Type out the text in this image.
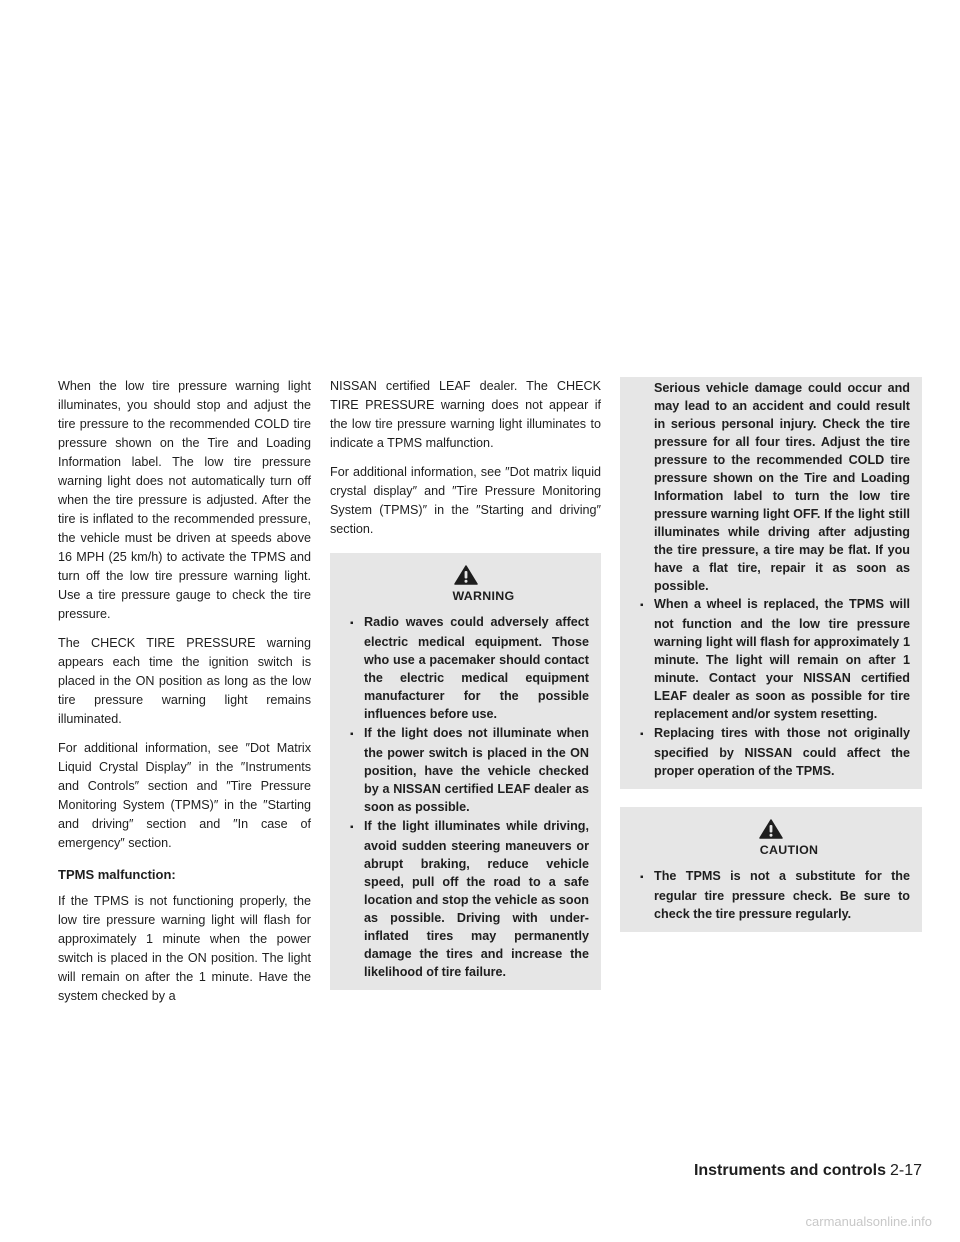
When the low tire pressure warning light illuminates, you should stop and adjust the tire pressure to the recommended COLD tire pressure shown on the Tire and Loading Information label. The low tire pressure warning light does not automatically turn off when the tire pressure is adjusted. After the tire is inflated to the recommended pressure, the vehicle must be driven at speeds above 16 MPH (25 km/h) to activate the TPMS and turn off the low tire pressure warning light. Use a tire pressure gauge to check the tire pressure.

The CHECK TIRE PRESSURE warning appears each time the ignition switch is placed in the ON position as long as the low tire pressure warning light remains illuminated.

For additional information, see ″Dot Matrix Liquid Crystal Display″ in the ″Instruments and Controls″ section and ″Tire Pressure Monitoring System (TPMS)″ in the ″Starting and driving″ section and ″In case of emergency″ section.

TPMS malfunction:

If the TPMS is not functioning properly, the low tire pressure warning light will flash for approximately 1 minute when the power switch is placed in the ON position. The light will remain on after the 1 minute. Have the system checked by a

NISSAN certified LEAF dealer. The CHECK TIRE PRESSURE warning does not appear if the low tire pressure warning light illuminates to indicate a TPMS malfunction.

For additional information, see ″Dot matrix liquid crystal display″ and ″Tire Pressure Monitoring System (TPMS)″ in the ″Starting and driving″ section.

WARNING
▪ Radio waves could adversely affect electric medical equipment. Those who use a pacemaker should contact the electric medical equipment manufacturer for the possible influences before use.
▪ If the light does not illuminate when the power switch is placed in the ON position, have the vehicle checked by a NISSAN certified LEAF dealer as soon as possible.
▪ If the light illuminates while driving, avoid sudden steering maneuvers or abrupt braking, reduce vehicle speed, pull off the road to a safe location and stop the vehicle as soon as possible. Driving with under-inflated tires may permanently damage the tires and increase the likelihood of tire failure.
Serious vehicle damage could occur and may lead to an accident and could result in serious personal injury. Check the tire pressure for all four tires. Adjust the tire pressure to the recommended COLD tire pressure shown on the Tire and Loading Information label to turn the low tire pressure warning light OFF. If the light still illuminates while driving after adjusting the tire pressure, a tire may be flat. If you have a flat tire, repair it as soon as possible.
▪ When a wheel is replaced, the TPMS will not function and the low tire pressure warning light will flash for approximately 1 minute. The light will remain on after 1 minute. Contact your NISSAN certified LEAF dealer as soon as possible for tire replacement and/or system resetting.
▪ Replacing tires with those not originally specified by NISSAN could affect the proper operation of the TPMS.
CAUTION
▪ The TPMS is not a substitute for the regular tire pressure check. Be sure to check the tire pressure regularly.
Instruments and controls 2-17
carmanualsonline.info
